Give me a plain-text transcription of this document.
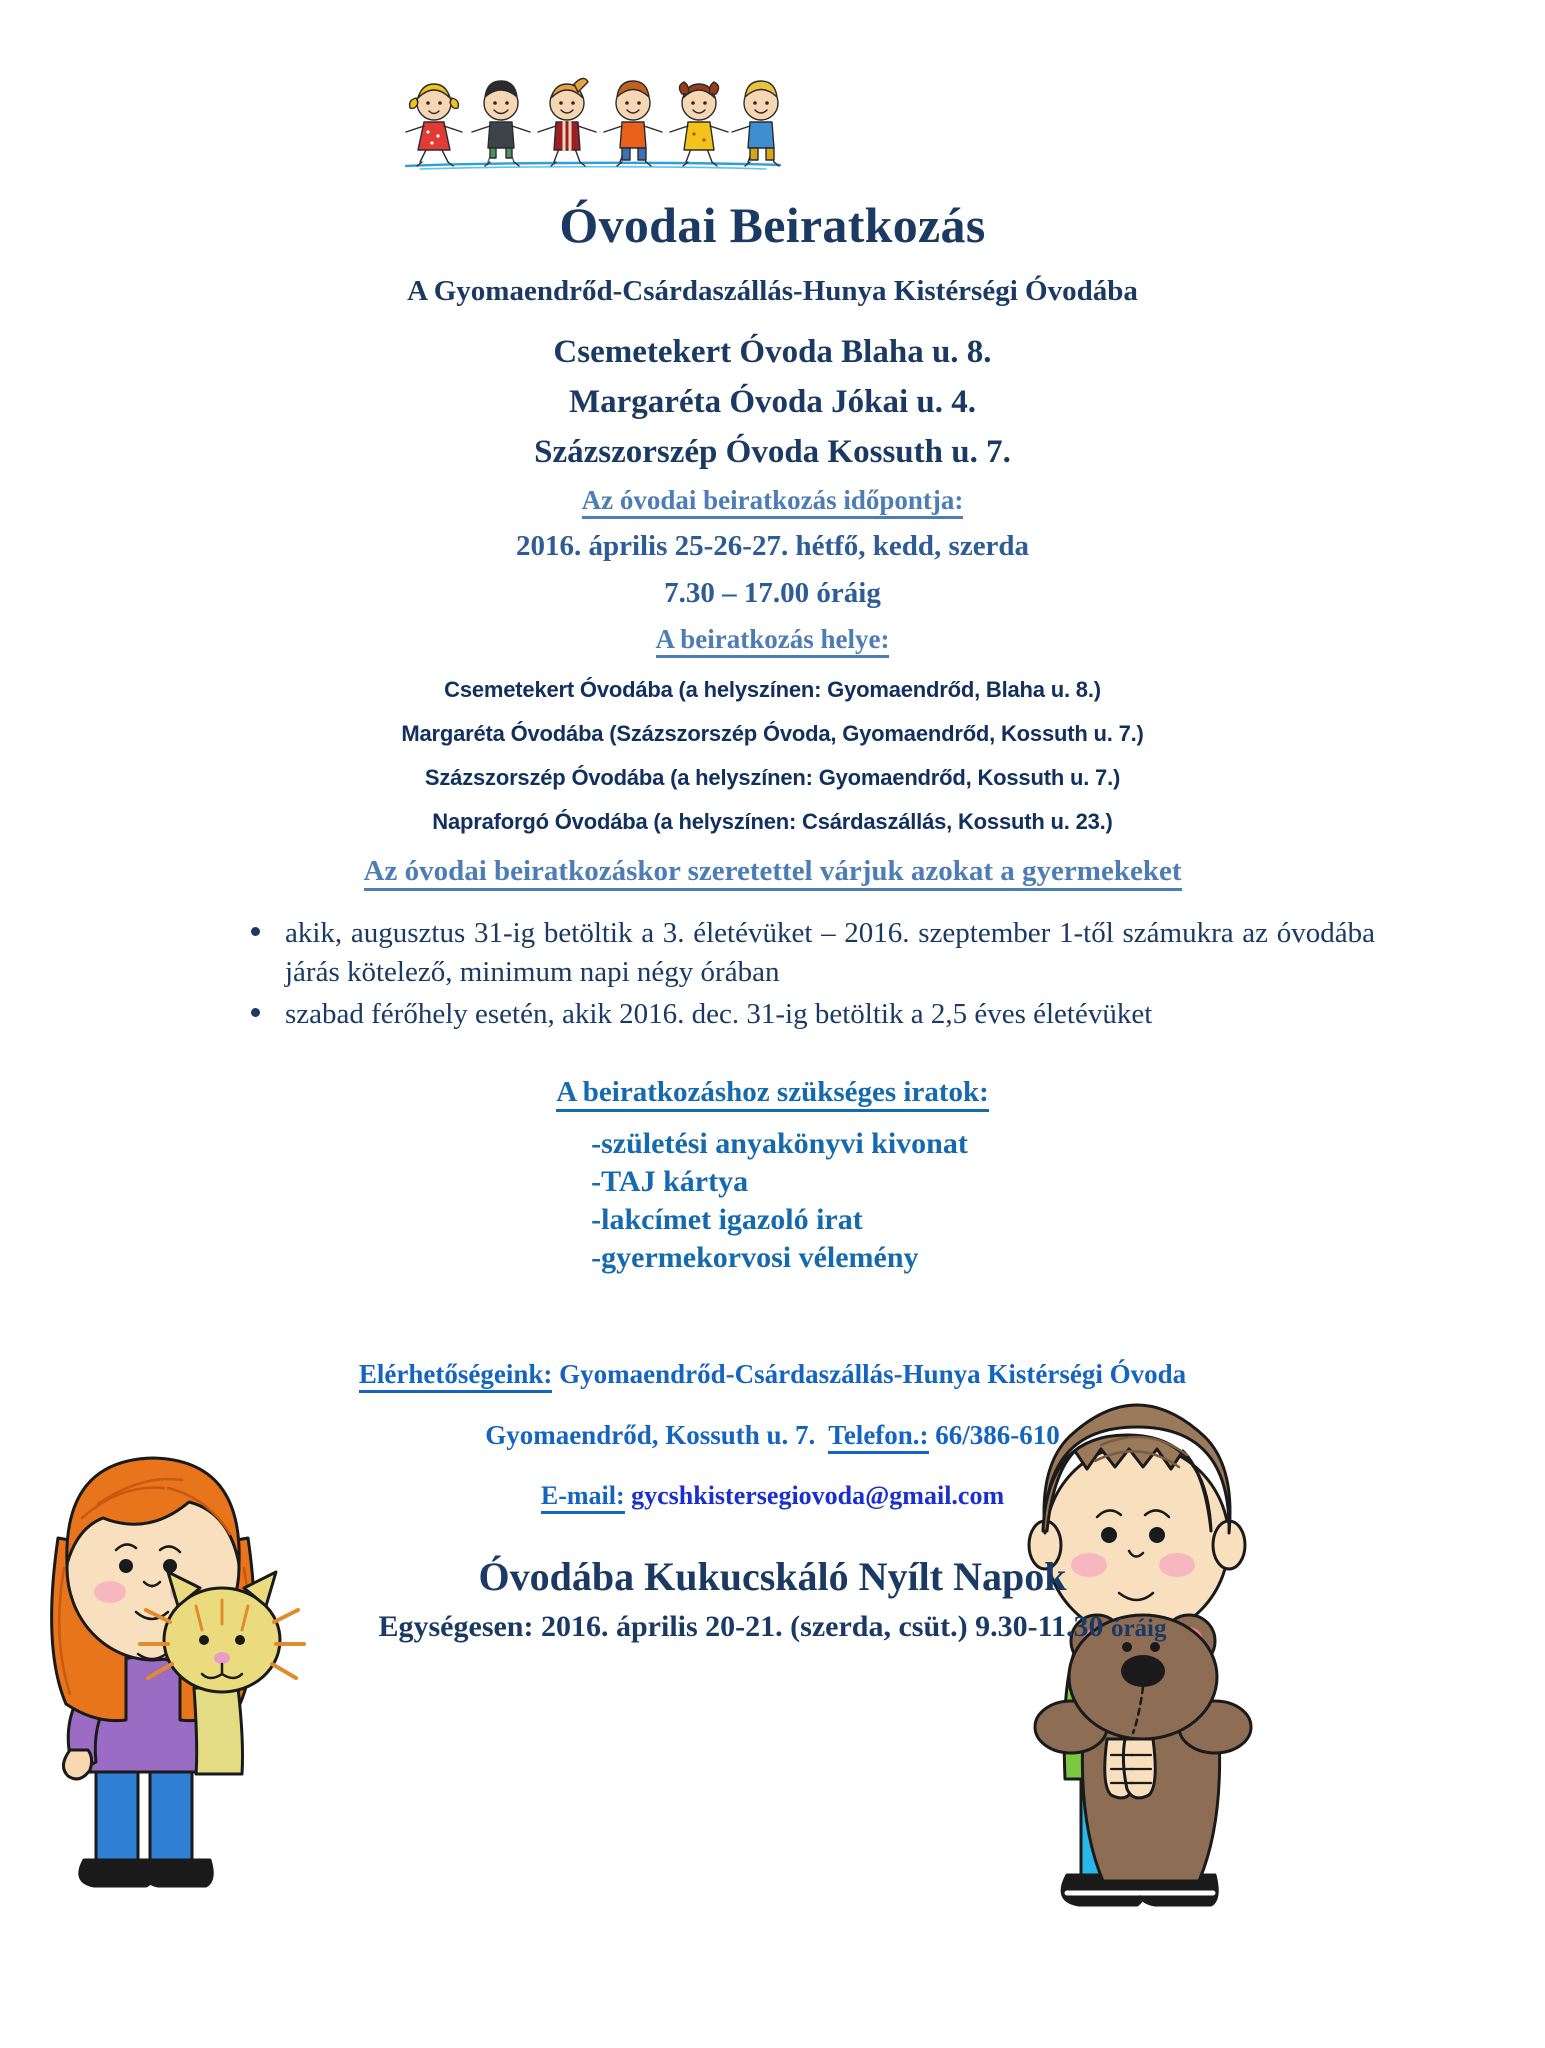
Óvodai Beiratkozás

A Gyomaendrőd-Csárdaszállás-Hunya Kistérségi Óvodába

Csemetekert Óvoda Blaha u. 8.

Margaréta Óvoda Jókai u. 4.

Százszorszép Óvoda Kossuth u. 7.

Az óvodai beiratkozás időpontja:

2016. április 25-26-27. hétfő, kedd, szerda

7.30 – 17.00 óráig

A beiratkozás helye:

Csemetekert Óvodába (a helyszínen: Gyomaendrőd, Blaha u. 8.)

Margaréta Óvodába (Százszorszép Óvoda, Gyomaendrőd, Kossuth u. 7.)

Százszorszép Óvodába (a helyszínen: Gyomaendrőd, Kossuth u. 7.)

Napraforgó Óvodába (a helyszínen: Csárdaszállás, Kossuth u. 23.)

Az óvodai beiratkozáskor szeretettel várjuk azokat a gyermekeket

akik, augusztus 31-ig betöltik a 3. életévüket – 2016. szeptember 1-től számukra az óvodába járás kötelező, minimum napi négy órában
szabad férőhely esetén, akik 2016. dec. 31-ig betöltik a 2,5 éves életévüket

A beiratkozáshoz szükséges iratok:

-születési anyakönyvi kivonat
-TAJ kártya
-lakcímet igazoló irat
-gyermekorvosi vélemény

Elérhetőségeink: Gyomaendrőd-Csárdaszállás-Hunya Kistérségi Óvoda

Gyomaendrőd, Kossuth u. 7. Telefon.: 66/386-610

E-mail: gycshkistersegiovoda@gmail.com

Óvodába Kukucskáló Nyílt Napok

Egységesen: 2016. április 20-21. (szerda, csüt.) 9.30-11.30 óráig
